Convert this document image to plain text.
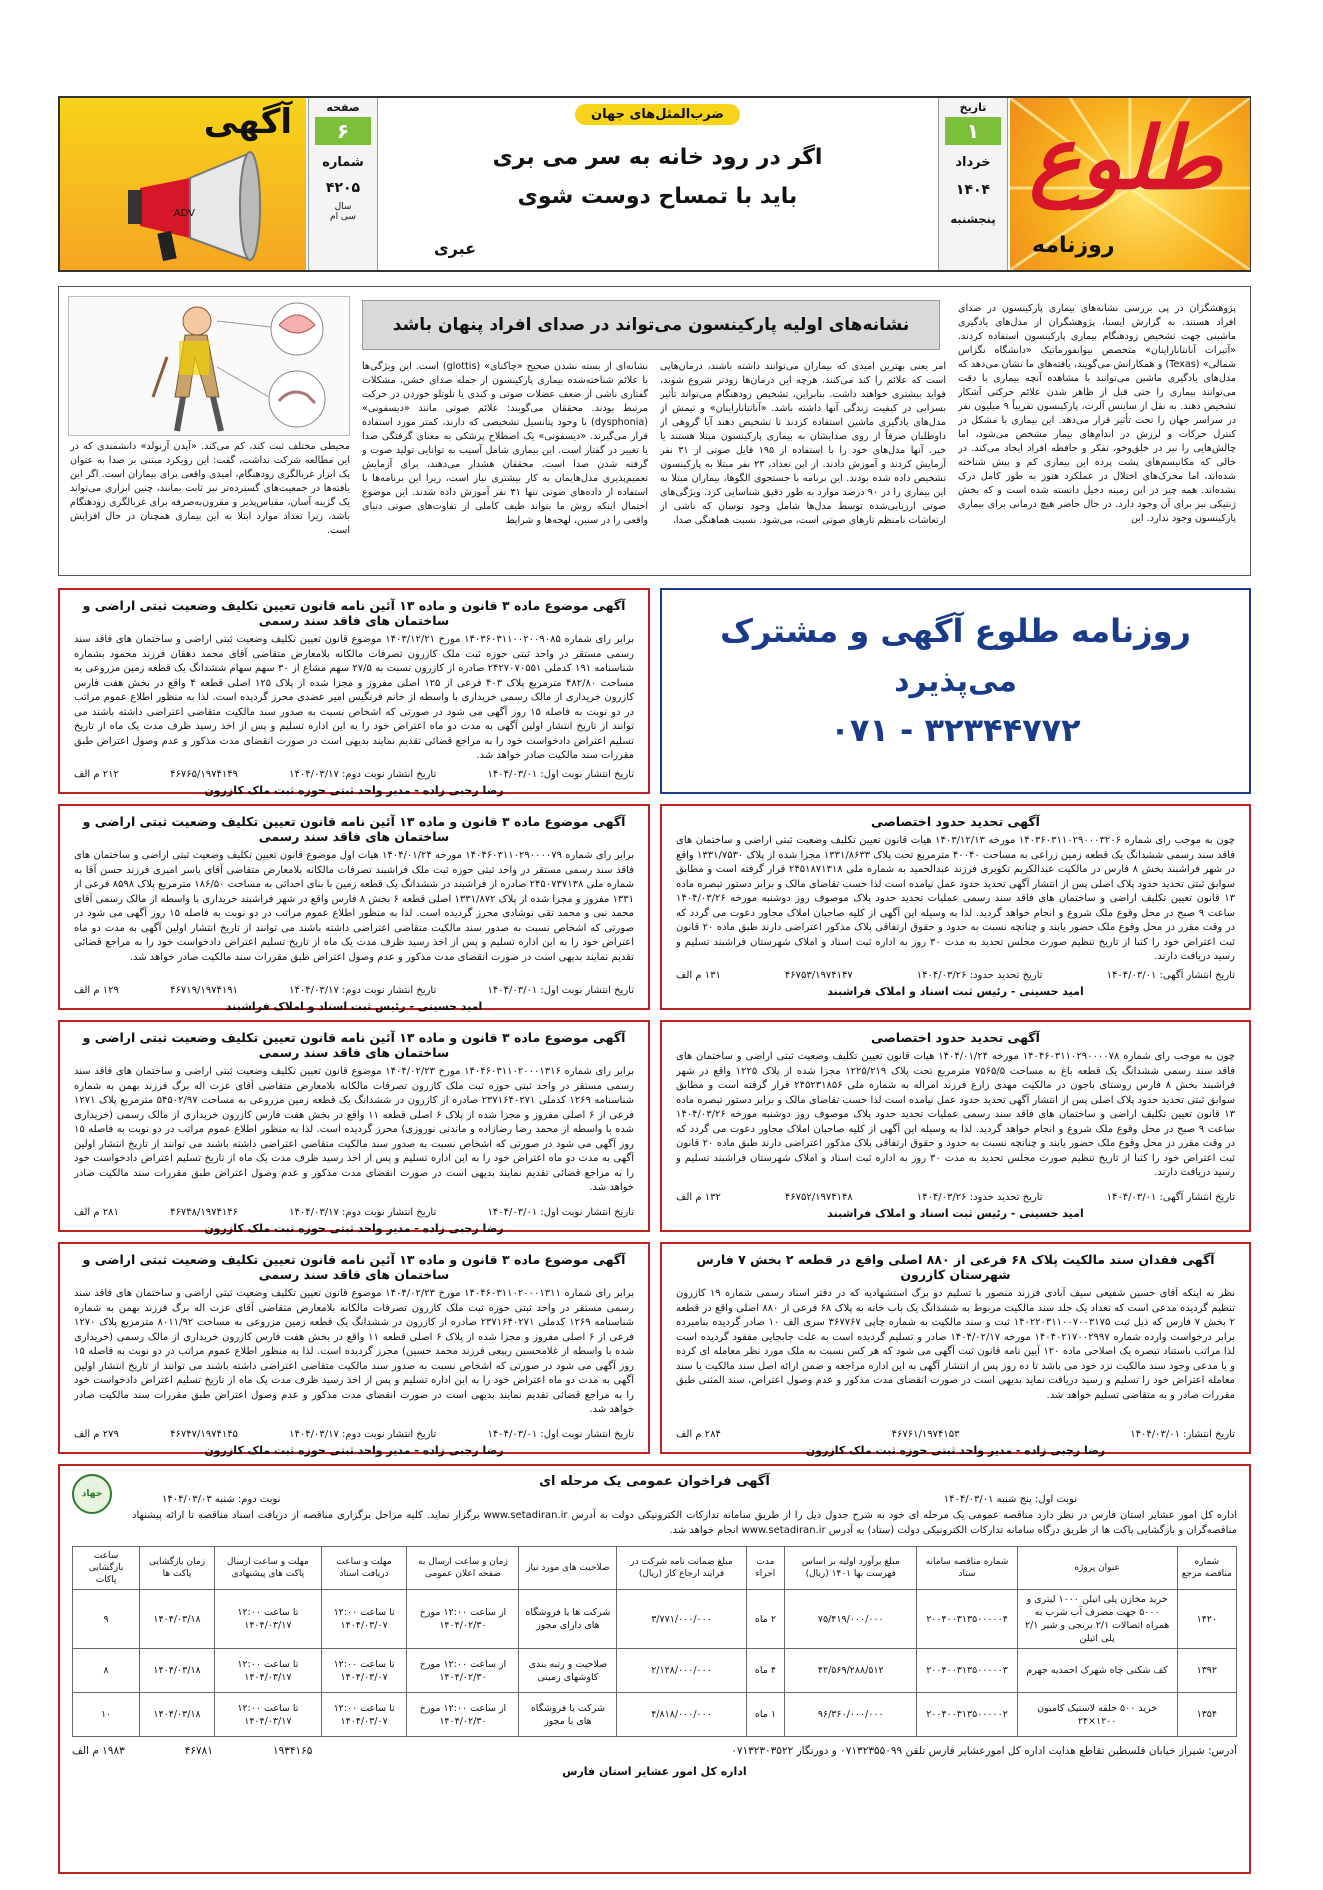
طلوع
روزنامه
تاریخ
۱
خرداد
۱۴۰۴
پنجشنبه
ضرب‌المثل‌های جهان
اگر در رود خانه به سر می بری
باید با تمساح دوست شوی
عبری
صفحه
۶
شماره
۴۲۰۵
سال
سی ام
آگهی
ADV
نشانه‌های اولیه پارکینسون می‌تواند در صدای افراد پنهان باشد
پژوهشگران در پی بررسی نشانه‌های بیماری پارکینسون در صدای افراد هستند. به گزارش ایسنا، پژوهشگران از مدل‌های یادگیری ماشینی جهت تشخیص زودهنگام بیماری پارکینسون استفاده کردند. «آتیرات آنانتاناراینان» متخصص بیوانفورماتیک «دانشگاه نگزاس شمالی» (Texas) و همکارانش می‌گویند، یافته‌های ما نشان می‌دهد که مدل‌های یادگیری ماشین می‌توانند با مشاهده آنچه بیماری با دقت می‌توانند بیماری را حتی قبل از ظاهر شدن علائم حرکتی آشکار تشخیص دهند. به نقل از ساینس آلرت، پارکینسون تقریباً ۹ میلیون نفر در سراسر جهان را تحت تأثیر قرار می‌دهد. این بیماری با مشکل در کنترل حرکات و لرزش در اندام‌های بیمار مشخص می‌شود، اما چالش‌هایی را نیز در خلق‌وخو، تفکر و حافظه افراد ایجاد می‌کند. در حالی که مکانیسم‌های پشت پرده این بیماری کم و بیش شناخته شده‌اند، اما محرک‌های اختلال در عملکرد هنوز به طور کامل درک نشده‌اند. همه چیز در این زمینه دخیل دانسته شده است و که بخش ژنتیکی نیز برای آن وجود دارد. در حال حاضر هیچ درمانی برای بیماری پارکینسون وجود ندارد. این
امر یعنی بهترین امیدی که بیماران می‌توانند داشته باشند، درمان‌هایی است که علائم را کند می‌کنند. هرچه این درمان‌ها زودتر شروع شوند، فواید بیشتری خواهند داشت. بنابراین، تشخیص زودهنگام می‌تواند تأثیر بسزایی در کیفیت زندگی آنها داشته باشد. «آنانتاناراینان» و تیمش از مدل‌های یادگیری ماشین استفاده کردند تا تشخیص دهند آیا گروهی از داوطلبان صرفاً از روی صدایشان به بیماری پارکینسون مبتلا هستند یا خیر. آنها مدل‌های خود را با استفاده از ۱۹۵ فایل صوتی از ۳۱ نفر آزمایش کردند و آموزش دادند. از این تعداد، ۲۳ نفر مبتلا به پارکینسون تشخیص داده شده بودند. این برنامه با جستجوی الگوها، بیماران مبتلا به این بیماری را در ۹۰ درصد موارد به طور دقیق شناسایی کرد. ویژگی‌های صوتی ارزیابی‌شده توسط مدل‌ها شامل وجود نوسان که ناشی از ارتعاشات نامنظم تارهای صوتی است، می‌شود. نسبت هماهنگی صدا،
نشانه‌ای از بسته نشدن صحیح «چاکنای» (glottis) است. این ویژگی‌ها با علائم شناخته‌شده بیماری پارکینسون از جمله صدای خشن، مشکلات گفتاری ناشی از ضعف عضلات صوتی و کندی یا تلوتلو خوردن در حرکت مرتبط بودند. محققان می‌گویند: علائم صوتی مانند «دیسفونی» (dysphonia) با وجود پتانسیل تشخیصی که دارند، کمتر مورد استفاده قرار می‌گیرند. «دیسفونی» یک اصطلاح پزشکی به معنای گرفتگی صدا یا تغییر در گفتار است. این بیماری شامل آسیب به توانایی تولید صوت و گرفته شدن صدا است. محققان هشدار می‌دهند، برای آزمایش تعمیم‌پذیری مدل‌هایمان به کار بیشتری نیاز است، زیرا این برنامه‌ها با استفاده از داده‌های صوتی تنها ۳۱ نفر آموزش داده شدند. این موضوع احتمال اینکه روش ما بتواند طیف کاملی از تفاوت‌های صوتی دنیای واقعی را در سنین، لهجه‌ها و شرایط
محیطی مختلف ثبت کند، کم می‌کند. «آیدن آرنولد» دانشمندی که در این مطالعه شرکت نداشت، گفت: این رویکرد مبتنی بر صدا به عنوان یک ابزار غربالگری زودهنگام، امیدی واقعی برای بیماران است. اگر این یافته‌ها در جمعیت‌های گسترده‌تر نیز ثابت بمانند، چنین ابزاری می‌تواند یک گزینه آسان، مقیاس‌پذیر و مقرون‌به‌صرفه برای غربالگری زودهنگام باشد، زیرا تعداد موارد ابتلا به این بیماری همچنان در حال افزایش است.
آگهی موضوع ماده ۳ قانون و ماده ۱۳ آئین نامه قانون تعیین تکلیف وضعیت ثبتی اراضی و ساختمان های فاقد سند رسمی
برابر رای شماره ۱۴۰۳۶۰۳۱۱۰۰۲۰۰۹۰۸۵ مورخ ۱۴۰۳/۱۲/۲۱ موضوع قانون تعیین تکلیف وضعیت ثبتی اراضی و ساختمان های فاقد سند رسمی مستقر در واحد ثبتی حوزه ثبت ملک کازرون تصرفات مالکانه بلامعارض متقاضی آقای محمد دهقان فرزند محمود بشماره شناسنامه ۱۹۱ کدملی ۲۴۲۷۰۷۰۵۵۱ صادره از کازرون نسبت به ۲۷/۵ سهم مشاع از ۳۰ سهم سهام ششدانگ یک قطعه زمین مزروعی به مساحت ۴۸۲/۸۰ مترمربع پلاک ۴۰۳ فرعی از ۱۲۵ اصلی مفروز و مجزا شده از پلاک ۱۲۵ اصلی قطعه ۴ واقع در بخش هفت فارس کازرون خریداری از مالک رسمی خریداری با واسطه از خانم فرنگیس امیر عضدی محرز گردیده است. لذا به منظور اطلاع عموم مراتب در دو نوبت به فاصله ۱۵ روز آگهی می شود در صورتی که اشخاص نسبت به صدور سند مالکیت متقاضی اعتراضی داشته باشند می توانند از تاریخ انتشار اولین آگهی به مدت دو ماه اعتراض خود را به این اداره تسلیم و پس از اخذ رسید ظرف مدت یک ماه از تاریخ تسلیم اعتراض دادخواست خود را به مراجع قضائی تقدیم نمایند بدیهی است در صورت انقضای مدت مذکور و عدم وصول اعتراض طبق مقررات سند مالکیت صادر خواهد شد.
تاریخ انتشار نوبت اول: ۱۴۰۴/۰۳/۰۱
تاریخ انتشار نوبت دوم: ۱۴۰۴/۰۳/۱۷
۴۶۷۶۵/۱۹۷۴۱۴۹
۲۱۲ م الف
رضا رجبی زاده - مدیر واحد ثبتی حوزه ثبت ملک کازرون
روزنامه طلوع آگهی و مشترک
می‌پذیرد
۰۷۱ - ۳۲۳۴۴۷۷۲
آگهی موضوع ماده ۳ قانون و ماده ۱۳ آئین نامه قانون تعیین تکلیف وضعیت ثبتی اراضی و ساختمان های فاقد سند رسمی
برابر رای شماره ۱۴۰۴۶۰۳۱۱۰۲۹۰۰۰۰۷۹ مورخه ۱۴۰۴/۰۱/۲۴ هیات اول موضوع قانون تعیین تکلیف وضعیت ثبتی اراضی و ساختمان های فاقد سند رسمی مستقر در واحد ثبتی حوزه ثبت ملک فراشبند تصرفات مالکانه بلامعارض متقاضی آقای یاسر امیری فرزند حسن آقا به شماره ملی ۲۴۵۰۷۳۷۱۳۸ صادره از فراشبند در ششدانگ یک قطعه زمین با بنای احداثی به مساحت ۱۸۶/۵۰ مترمربع پلاک ۸۵۹۸ فرعی از ۱۳۳۱ مفروز و مجزا شده از پلاک ۱۳۳۱/۸۷۲ اصلی قطعه ۶ بخش ۸ فارس واقع در شهر فراشبند خریداری با واسطه از مالک رسمی آقای محمد نبی و محمد تقی نوشادی محرز گردیده است. لذا به منظور اطلاع عموم مراتب در دو نوبت به فاصله ۱۵ روز آگهی می شود در صورتی که اشخاص نسبت به صدور سند مالکیت متقاضی اعتراضی داشته باشند می توانند از تاریخ انتشار اولین آگهی به مدت دو ماه اعتراض خود را به این اداره تسلیم و پس از اخذ رسید ظرف مدت یک ماه از تاریخ تسلیم اعتراض دادخواست خود را به مراجع قضائی تقدیم نمایند بدیهی است در صورت انقضای مدت مذکور و عدم وصول اعتراض طبق مقررات سند مالکیت صادر خواهد شد.
تاریخ انتشار نوبت اول: ۱۴۰۴/۰۳/۰۱
تاریخ انتشار نوبت دوم: ۱۴۰۴/۰۳/۱۷
۴۶۷۱۹/۱۹۷۴۱۹۱
۱۲۹ م الف
امید حسینی - رئیس ثبت اسناد و املاک فراشبند
آگهی تحدید حدود اختصاصی
چون به موجب رای شماره ۱۴۰۳۶۰۳۱۱۰۲۹۰۰۰۳۲۰۶ مورخه ۱۴۰۳/۱۲/۱۳ هیات قانون تعیین تکلیف وضعیت ثبتی اراضی و ساختمان های فاقد سند رسمی ششدانگ یک قطعه زمین زراعی به مساحت ۴۰۰۴۰ مترمربع تحت پلاک ۱۳۳۱/۸۶۳۳ مجزا شده از پلاک ۱۳۳۱/۷۵۳۰ واقع در شهر فراشبند بخش ۸ فارس در مالکیت عبدالکریم تکویری فرزند عبدالحمید به شماره ملی ۲۴۵۱۸۷۱۳۱۸ قرار گرفته است و مطابق سوابق ثبتی تحدید حدود پلاک اصلی پس از انتشار آگهی تحدید حدود عمل نیامده است لذا حسب تقاضای مالک و برابر دستور تبصره ماده ۱۳ قانون تعیین تکلیف اراضی و ساختمان های فاقد سند رسمی عملیات تحدید حدود پلاک موصوف روز دوشنبه مورخه ۱۴۰۴/۰۳/۲۶ ساعت ۹ صبح در محل وقوع ملک شروع و انجام خواهد گردید. لذا به وسیله این آگهی از کلیه صاحبان املاک مجاور دعوت می گردد که در وقت مقرر در محل وقوع ملک حضور یابند و چنانچه نسبت به حدود و حقوق ارتفاقی پلاک مذکور اعتراضی دارند طبق ماده ۲۰ قانون ثبت اعتراض خود را کتبا از تاریخ تنظیم صورت مجلس تحدید به مدت ۳۰ روز به اداره ثبت اسناد و املاک شهرستان فراشبند تسلیم و رسید دریافت دارند.
تاریخ انتشار آگهی: ۱۴۰۴/۰۳/۰۱
تاریخ تحدید حدود: ۱۴۰۴/۰۳/۲۶
۴۶۷۵۳/۱۹۷۴۱۴۷
۱۳۱ م الف
امید حسینی - رئیس ثبت اسناد و املاک فراشبند
آگهی موضوع ماده ۳ قانون و ماده ۱۳ آئین نامه قانون تعیین تکلیف وضعیت ثبتی اراضی و ساختمان های فاقد سند رسمی
برابر رای شماره ۱۴۰۴۶۰۳۱۱۰۲۰۰۰۱۳۱۶ مورخ ۱۴۰۴/۰۲/۲۳ موضوع قانون تعیین تکلیف وضعیت ثبتی اراضی و ساختمان های فاقد سند رسمی مستقر در واحد ثبتی حوزه ثبت ملک کازرون تصرفات مالکانه بلامعارض متقاضی آقای عزت اله برگ فرزند بهمن به شماره شناسنامه ۱۲۶۹ کدملی ۲۳۷۱۶۴۰۲۷۱ صادره از کازرون در ششدانگ یک قطعه زمین مزروعی به مساحت ۵۴۵۰۲/۹۷ مترمربع پلاک ۱۲۷۱ فرعی از ۶ اصلی مفروز و مجزا شده از پلاک ۶ اصلی قطعه ۱۱ واقع در بخش هفت فارس کازرون خریداری از مالک رسمی (خریداری شده با واسطه از محمد رضا رضازاده و ماندنی نوروزی) محرز گردیده است. لذا به منظور اطلاع عموم مراتب در دو نوبت به فاصله ۱۵ روز آگهی می شود در صورتی که اشخاص نسبت به صدور سند مالکیت متقاضی اعتراضی داشته باشند می توانند از تاریخ انتشار اولین آگهی به مدت دو ماه اعتراض خود را به این اداره تسلیم و پس از اخذ رسید ظرف مدت یک ماه از تاریخ تسلیم اعتراض دادخواست خود را به مراجع قضائی تقدیم نمایند بدیهی است در صورت انقضای مدت مذکور و عدم وصول اعتراض طبق مقررات سند مالکیت صادر خواهد شد.
تاریخ انتشار نوبت اول: ۱۴۰۴/۰۳/۰۱
تاریخ انتشار نوبت دوم: ۱۴۰۴/۰۳/۱۷
۴۶۷۴۸/۱۹۷۴۱۴۶
۲۸۱ م الف
رضا رجبی زاده - مدیر واحد ثبتی حوزه ثبت ملک کازرون
آگهی تحدید حدود اختصاصی
چون به موجب رای شماره ۱۴۰۴۶۰۳۱۱۰۲۹۰۰۰۰۷۸ مورخه ۱۴۰۴/۰۱/۲۴ هیات قانون تعیین تکلیف وضعیت ثبتی اراضی و ساختمان های فاقد سند رسمی ششدانگ یک قطعه باغ به مساحت ۷۵۶۵/۵ مترمربع تحت پلاک ۱۲۲۵/۲۱۹ مجزا شده از پلاک ۱۲۲۵ واقع در شهر فراشبند بخش ۸ فارس روستای باجون در مالکیت مهدی زارع فرزند امراله به شماره ملی ۲۴۵۲۳۱۸۵۶ قرار گرفته است و مطابق سوابق ثبتی تحدید حدود پلاک اصلی پس از انتشار آگهی تحدید حدود عمل نیامده است لذا حسب تقاضای مالک و برابر دستور تبصره ماده ۱۳ قانون تعیین تکلیف اراضی و ساختمان های فاقد سند رسمی عملیات تحدید حدود پلاک موصوف روز دوشنبه مورخه ۱۴۰۴/۰۳/۲۶ ساعت ۹ صبح در محل وقوع ملک شروع و انجام خواهد گردید. لذا به وسیله این آگهی از کلیه صاحبان املاک مجاور دعوت می گردد که در وقت مقرر در محل وقوع ملک حضور یابند و چنانچه نسبت به حدود و حقوق ارتفاقی پلاک مذکور اعتراضی دارند طبق ماده ۲۰ قانون ثبت اعتراض خود را کتبا از تاریخ تنظیم صورت مجلس تحدید به مدت ۳۰ روز به اداره ثبت اسناد و املاک شهرستان فراشبند تسلیم و رسید دریافت دارند.
تاریخ انتشار آگهی: ۱۴۰۴/۰۳/۰۱
تاریخ تحدید حدود: ۱۴۰۴/۰۳/۲۶
۴۶۷۵۲/۱۹۷۴۱۴۸
۱۳۲ م الف
امید حسینی - رئیس ثبت اسناد و املاک فراشبند
آگهی موضوع ماده ۳ قانون و ماده ۱۳ آئین نامه قانون تعیین تکلیف وضعیت ثبتی اراضی و ساختمان های فاقد سند رسمی
برابر رای شماره ۱۴۰۴۶۰۳۱۱۰۲۰۰۰۱۳۱۱ مورخ ۱۴۰۴/۰۲/۲۳ موضوع قانون تعیین تکلیف وضعیت ثبتی اراضی و ساختمان های فاقد سند رسمی مستقر در واحد ثبتی حوزه ثبت ملک کازرون تصرفات مالکانه بلامعارض متقاضی آقای عزت اله برگ فرزند بهمن به شماره شناسنامه ۱۲۶۹ کدملی ۲۳۷۱۶۴۰۲۷۱ صادره از کازرون در ششدانگ یک قطعه زمین مزروعی به مساحت ۸۰۱۱/۹۲ مترمربع پلاک ۱۲۷۰ فرعی از ۶ اصلی مفروز و مجزا شده از پلاک ۶ اصلی قطعه ۱۱ واقع در بخش هفت فارس کازرون خریداری از مالک رسمی (خریداری شده با واسطه از غلامحسین ربیعی فرزند محمد حسین) محرز گردیده است. لذا به منظور اطلاع عموم مراتب در دو نوبت به فاصله ۱۵ روز آگهی می شود در صورتی که اشخاص نسبت به صدور سند مالکیت متقاضی اعتراضی داشته باشند می توانند از تاریخ انتشار اولین آگهی به مدت دو ماه اعتراض خود را به این اداره تسلیم و پس از اخذ رسید ظرف مدت یک ماه از تاریخ تسلیم اعتراض دادخواست خود را به مراجع قضائی تقدیم نمایند بدیهی است در صورت انقضای مدت مذکور و عدم وصول اعتراض طبق مقررات سند مالکیت صادر خواهد شد.
تاریخ انتشار نوبت اول: ۱۴۰۴/۰۳/۰۱
تاریخ انتشار نوبت دوم: ۱۴۰۴/۰۳/۱۷
۴۶۷۴۷/۱۹۷۴۱۴۵
۲۷۹ م الف
رضا رجبی زاده - مدیر واحد ثبتی حوزه ثبت ملک کازرون
آگهی فقدان سند مالکیت پلاک ۶۸ فرعی از ۸۸۰ اصلی واقع در قطعه ۲ بخش ۷ فارس شهرستان کازرون
نظر به اینکه آقای حسین شفیعی سیف آبادی فرزند منصور با تسلیم دو برگ استشهادیه که در دفتر اسناد رسمی شماره ۱۹ کازرون تنظیم گردیده مدعی است که تعداد یک جلد سند مالکیت مربوط به ششدانگ یک باب خانه به پلاک ۶۸ فرعی از ۸۸۰ اصلی واقع در قطعه ۲ بخش ۷ فارس که ذیل ثبت ۱۴۰۲۲۰۳۱۱۰۰۷۰۰۳۱۷۵ ثبت و سند مالکیت به شماره چاپی ۳۶۷۷۶۷ سری الف ۱۰ صادر گردیده بنامبرده برابر درخواست وارده شماره ۱۴۰۴۰۲۱۷۰۰۲۹۹۷ مورخه ۱۴۰۴/۰۲/۱۷ صادر و تسلیم گردیده است به علت جابجایی مفقود گردیده است لذا مراتب باستناد تبصره یک اصلاحی ماده ۱۲۰ آیین نامه قانون ثبت آگهی می شود که هر کس نسبت به ملک مورد نظر معامله ای کرده و یا مدعی وجود سند مالکیت نزد خود می باشد تا ده روز پس از انتشار آگهی به این اداره مراجعه و ضمن ارائه اصل سند مالکیت یا سند معامله اعتراض خود را تسلیم و رسید دریافت نماید بدیهی است در صورت انقضای مدت مذکور و عدم وصول اعتراض، سند المثنی طبق مقررات صادر و به متقاضی تسلیم خواهد شد.
تاریخ انتشار: ۱۴۰۴/۰۳/۰۱
۴۶۷۶۱/۱۹۷۴۱۵۳
۲۸۴ م الف
رضا رجبی زاده - مدیر واحد ثبتی حوزه ثبت ملک کازرون
آگهی فراخوان عمومی یک مرحله ای
نوبت اول: پنج شنبه ۱۴۰۴/۰۳/۰۱
نوبت دوم: شنبه ۱۴۰۴/۰۳/۰۳
اداره کل امور عشایر استان فارس در نظر دارد مناقصه عمومی یک مرحله ای خود به شرح جدول ذیل را از طریق سامانه تدارکات الکترونیکی دولت به آدرس www.setadiran.ir برگزار نماید. کلیه مراحل برگزاری مناقصه از دریافت اسناد مناقصه تا ارائه پیشنهاد مناقصه‌گران و بازگشایی پاکت ها از طریق درگاه سامانه تدارکات الکترونیکی دولت (ستاد) به آدرس www.setadiran.ir انجام خواهد شد.
جهاد
شماره مناقصه مرجع	عنوان پروژه	شماره مناقصه سامانه ستاد	مبلغ برآورد اولیه بر اساس فهرست بها ۱۴۰۱ (ریال)	مدت اجراء	مبلغ ضمانت نامه شرکت در فرایند ارجاع کار (ریال)	صلاحیت های مورد نیاز	زمان و ساعت ارسال به صفحه اعلان عمومی	مهلت و ساعت دریافت اسناد	مهلت و ساعت ارسال پاکت های پیشنهادی	زمان بازگشایی پاکت ها	ساعت بازگشایی پاکات
۱۴۲۰	خرید مخازن پلی اتیلن ۱۰۰۰ لیتری و ۵۰۰۰ جهت مصرف آب شرب به همراه اتصالات ۲/۱ برنجی و شیر ۲/۱ پلی اتیلن	۲۰۰۴۰۰۳۱۳۵۰۰۰۰۰۴	۷۵/۴۱۹/۰۰۰/۰۰۰	۲ ماه	۳/۷۷۱/۰۰۰/۰۰۰	شرکت ها یا فروشگاه های دارای مجوز	از ساعت ۱۲:۰۰ مورخ ۱۴۰۴/۰۲/۳۰	تا ساعت ۱۲:۰۰ ۱۴۰۴/۰۳/۰۷	تا ساعت ۱۲:۰۰ ۱۴۰۴/۰۳/۱۷	۱۴۰۴/۰۳/۱۸	۹
۱۳۹۲	کف شکنی چاه شهرک احمدیه جهرم	۲۰۰۴۰۰۳۱۳۵۰۰۰۰۰۳	۴۲/۵۶۹/۲۸۸/۵۱۲	۴ ماه	۲/۱۲۸/۰۰۰/۰۰۰	صلاحیت و رتبه بندی کاوشهای زمینی	از ساعت ۱۲:۰۰ مورخ ۱۴۰۴/۰۲/۳۰	تا ساعت ۱۲:۰۰ ۱۴۰۴/۰۳/۰۷	تا ساعت ۱۲:۰۰ ۱۴۰۴/۰۳/۱۷	۱۴۰۴/۰۳/۱۸	۸
۱۳۵۴	خرید ۵۰۰ حلقه لاستیک کامیون ۱۲۰۰×۲۴	۲۰۰۴۰۰۳۱۳۵۰۰۰۰۰۲	۹۶/۳۶۰/۰۰۰/۰۰۰	۱ ماه	۴/۸۱۸/۰۰۰/۰۰۰	شرکت یا فروشگاه های با مجوز	از ساعت ۱۲:۰۰ مورخ ۱۴۰۴/۰۲/۳۰	تا ساعت ۱۲:۰۰ ۱۴۰۴/۰۳/۰۷	تا ساعت ۱۲:۰۰ ۱۴۰۴/۰۳/۱۷	۱۴۰۴/۰۳/۱۸	۱۰
آدرس: شیراز خیابان فلسطین تقاطع هدایت اداره کل امورعشایر فارس تلفن ۰۷۱۳۲۳۵۵۰۹۹ و دورنگار ۰۷۱۳۲۳۰۳۵۲۲
۱۹۳۴۱۶۵
۴۶۷۸۱
۱۹۸۳ م الف
اداره کل امور عشایر استان فارس
